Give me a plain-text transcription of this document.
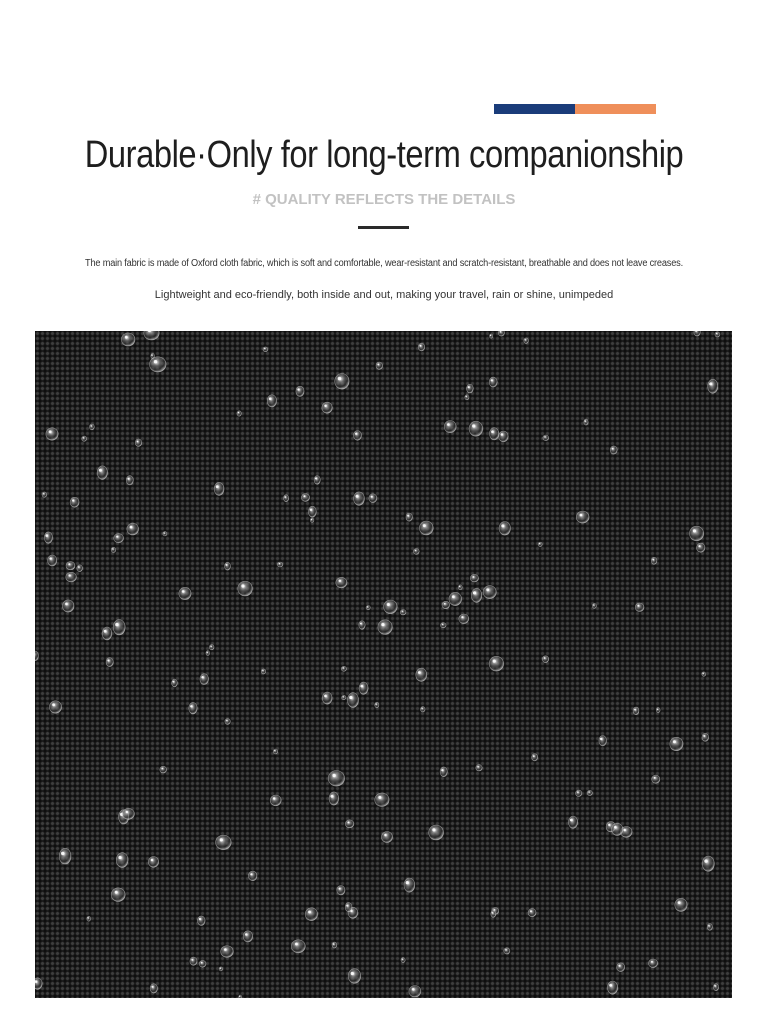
Durable·Only for long-term companionship
# QUALITY REFLECTS THE DETAILS
The main fabric is made of Oxford cloth fabric, which is soft and comfortable, wear-resistant and scratch-resistant, breathable and does not leave creases.
Lightweight and eco-friendly, both inside and out, making your travel, rain or shine, unimpeded
